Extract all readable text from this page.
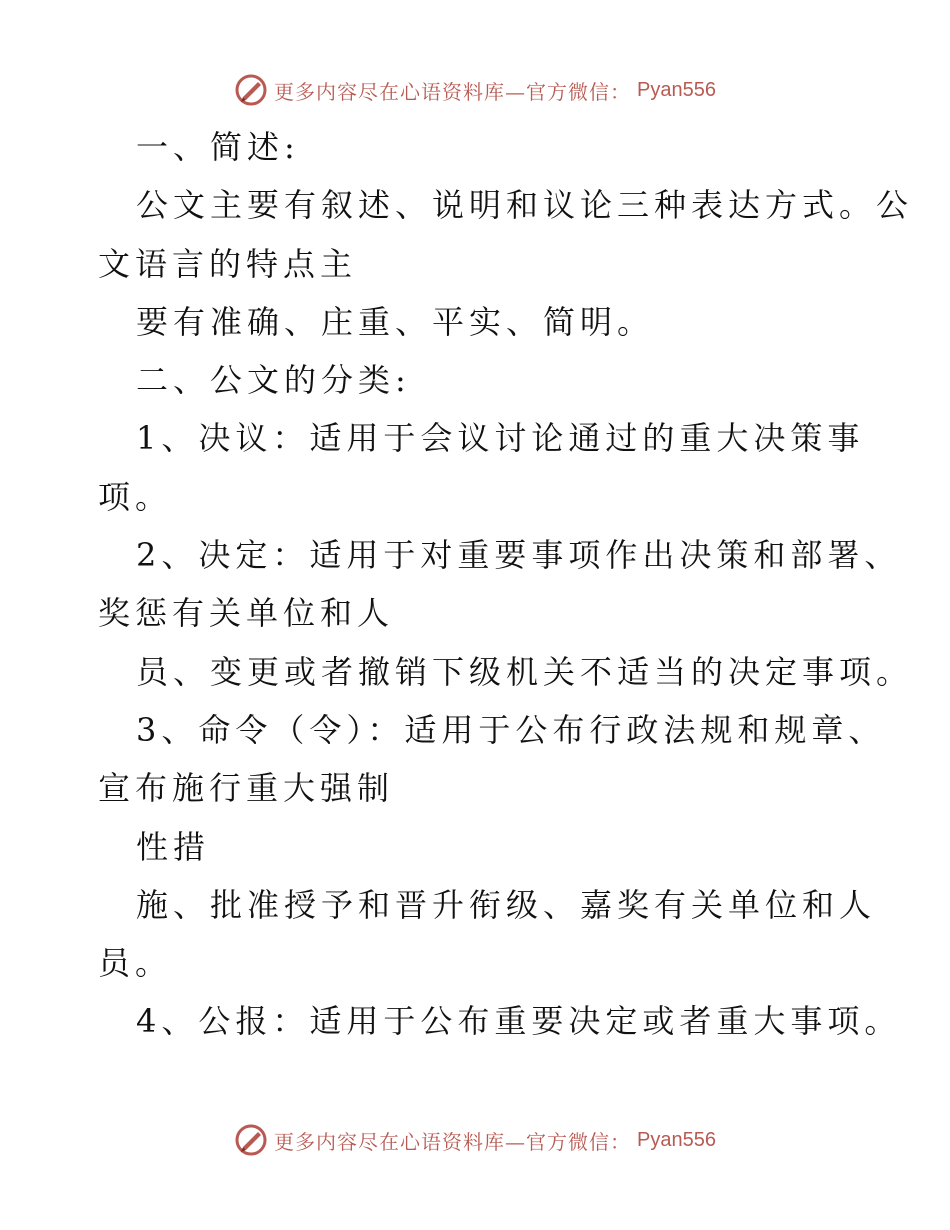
更多内容尽在心语资料库—官方微信： Pyan556
一、简述:
公文主要有叙述、说明和议论三种表达方式。公
文语言的特点主
要有准确、庄重、平实、简明。
二、公文的分类:
1、决议：适用于会议讨论通过的重大决策事
项。
2、决定：适用于对重要事项作出决策和部署、
奖惩有关单位和人
员、变更或者撤销下级机关不适当的决定事项。
3、命令（令）：适用于公布行政法规和规章、
宣布施行重大强制
性措
施、批准授予和晋升衔级、嘉奖有关单位和人
员。
4、公报：适用于公布重要决定或者重大事项。
更多内容尽在心语资料库—官方微信： Pyan556
